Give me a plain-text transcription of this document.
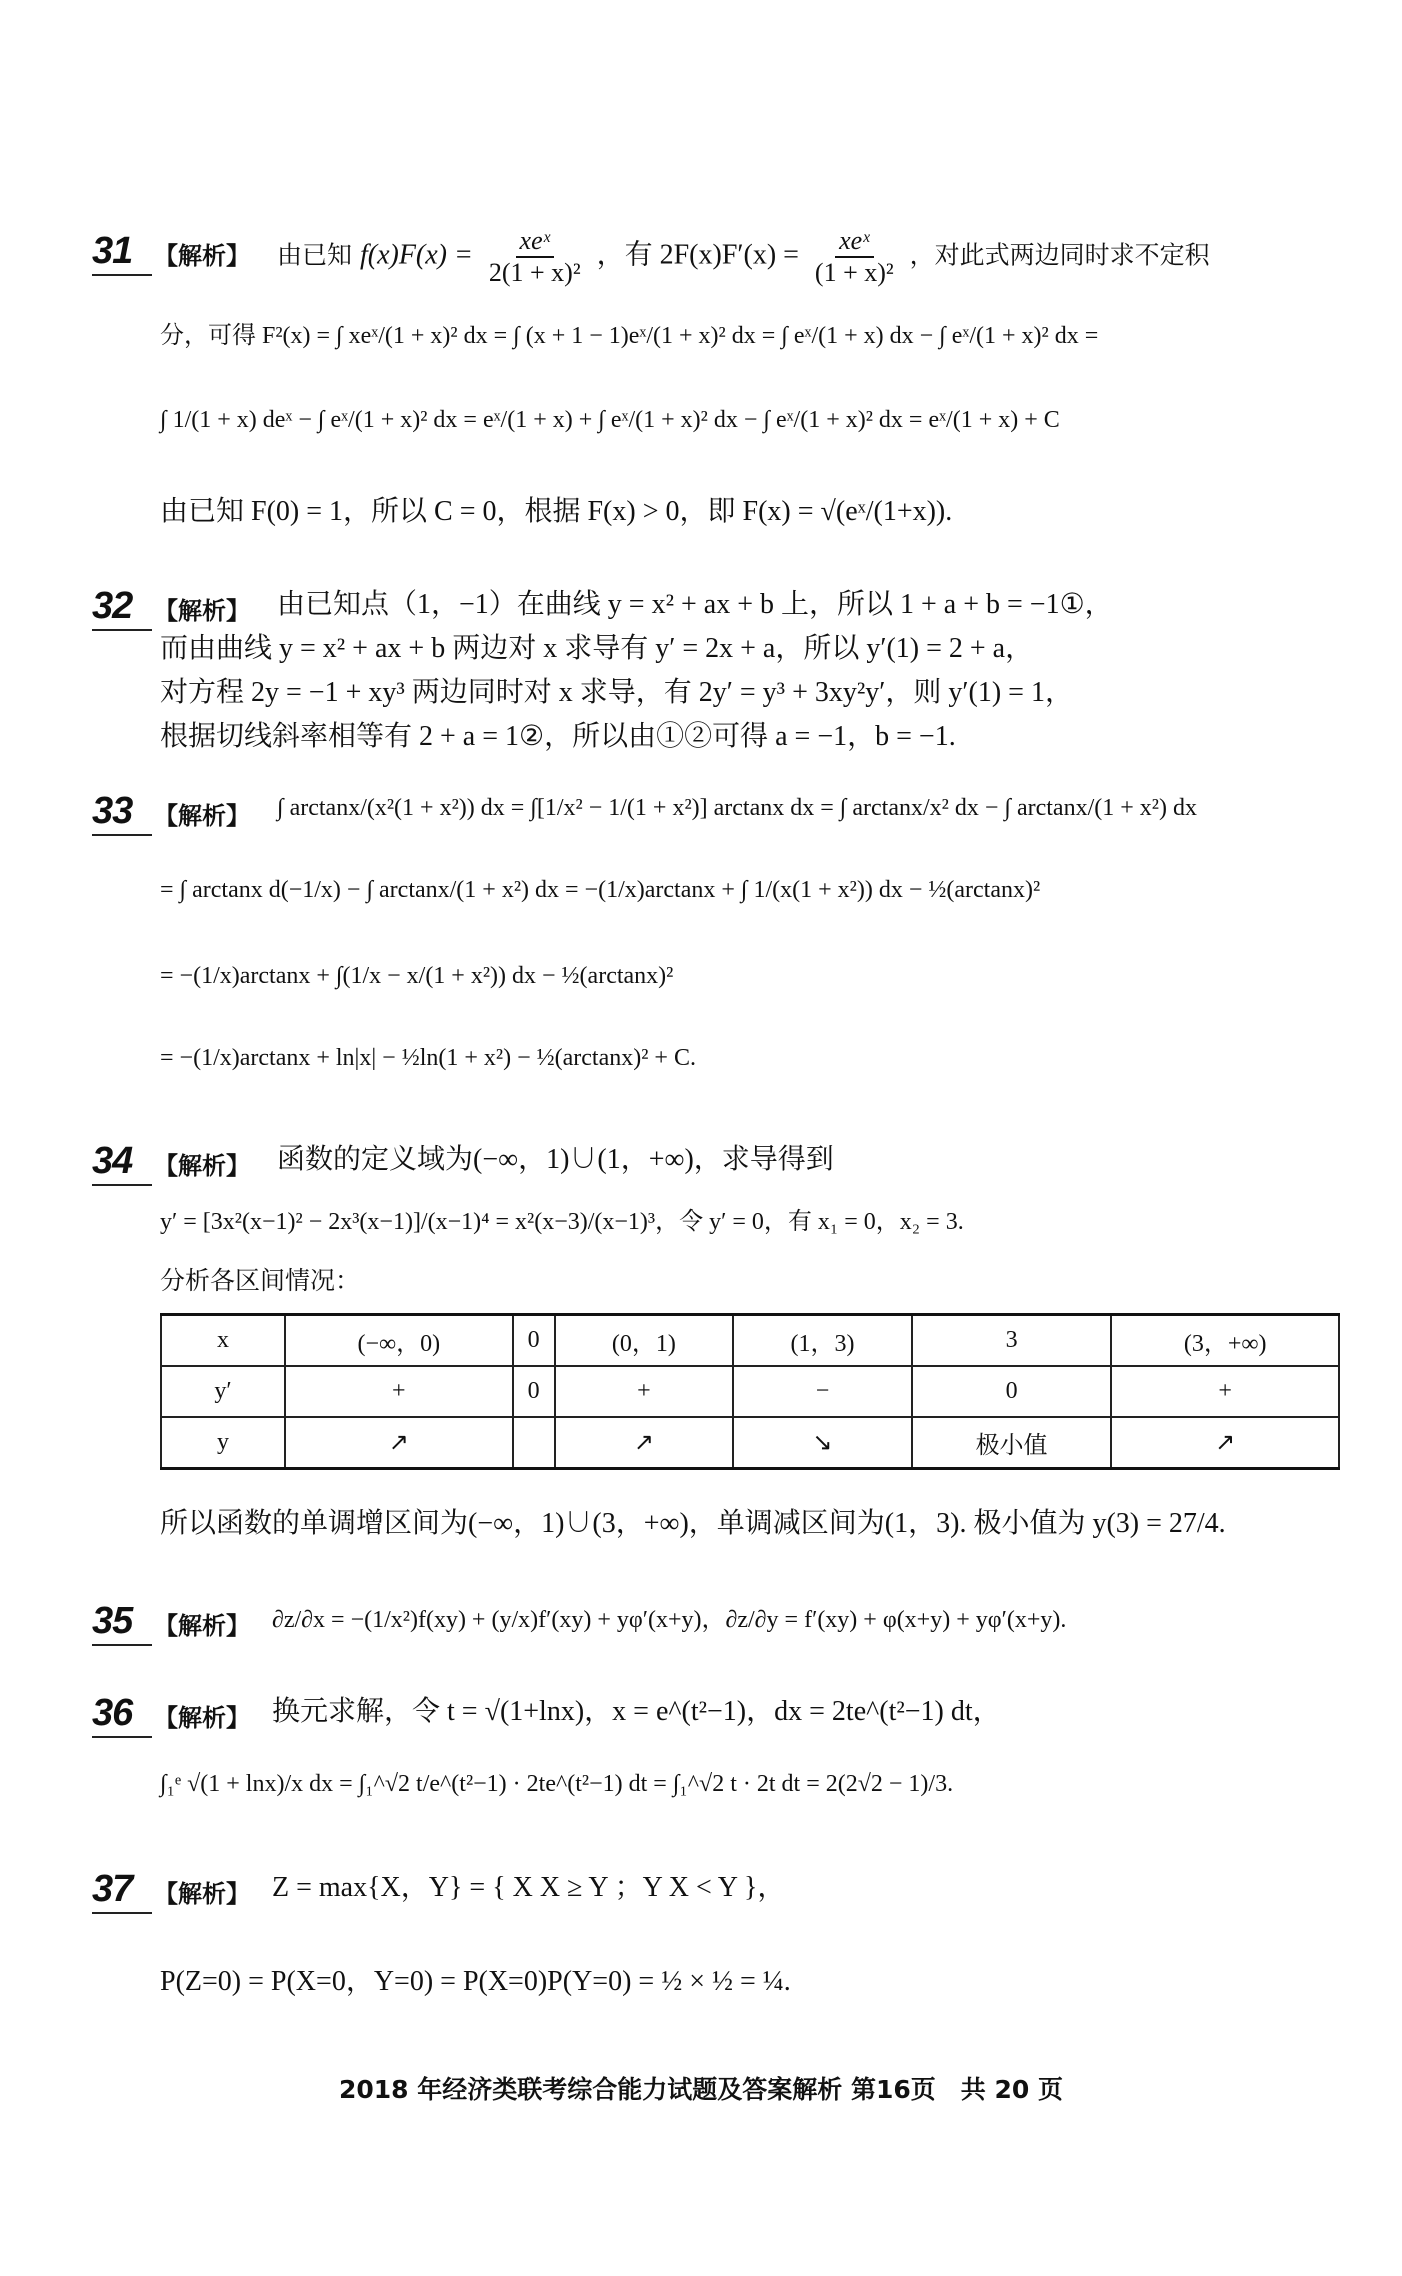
31 【解析】 由已知 $f(x)F(x) = \frac{\text{xeˣ}}{\text{2(1 + x)²}}$ ，有 $2F(x)F'(x) = \frac{\text{xeˣ}}{\text{(1 + x)²}}$ ，对此式两边同时求不定积
分，可得 F²(x) = ∫ xeˣ/(1 + x)² dx = ∫ (x + 1 − 1)eˣ/(1 + x)² dx = ∫ eˣ/(1 + x) dx − ∫ eˣ/(1 + x)² dx =
∫ 1/(1 + x) deˣ − ∫ eˣ/(1 + x)² dx = eˣ/(1 + x) + ∫ eˣ/(1 + x)² dx − ∫ eˣ/(1 + x)² dx = eˣ/(1 + x) + C
由已知 F(0) = 1，所以 C = 0，根据 F(x) > 0，即 F(x) = √(eˣ/(1+x)).
32 【解析】 由已知点（1，−1）在曲线 y = x² + ax + b 上，所以 1 + a + b = −1①，
而由曲线 y = x² + ax + b 两边对 x 求导有 y′ = 2x + a，所以 y′(1) = 2 + a，
对方程 2y = −1 + xy³ 两边同时对 x 求导，有 2y′ = y³ + 3xy²y′，则 y′(1) = 1，
根据切线斜率相等有 2 + a = 1②，所以由①②可得 a = −1，b = −1.
33 【解析】 ∫ arctanx/(x²(1 + x²)) dx = ∫[1/x² − 1/(1 + x²)] arctanx dx = ∫ arctanx/x² dx − ∫ arctanx/(1 + x²) dx
= ∫ arctanx d(−1/x) − ∫ arctanx/(1 + x²) dx = −(1/x)arctanx + ∫ 1/(x(1 + x²)) dx − ½(arctanx)²
= −(1/x)arctanx + ∫(1/x − x/(1 + x²)) dx − ½(arctanx)²
= −(1/x)arctanx + ln|x| − ½ln(1 + x²) − ½(arctanx)² + C.
34 【解析】 函数的定义域为(−∞，1)∪(1，+∞)，求导得到
y′ = [3x²(x−1)² − 2x³(x−1)]/(x−1)⁴ = x²(x−3)/(x−1)³，令 y′ = 0，有 x₁ = 0，x₂ = 3.
分析各区间情况：
x	(−∞，0)	0	(0，1)	(1，3)	3	(3，+∞)
y′	+	0	+	−	0	+
y	↗		↗	↘	极小值	↗
所以函数的单调增区间为(−∞，1)∪(3，+∞)，单调减区间为(1，3). 极小值为 y(3) = 27/4.
35 【解析】 ∂z/∂x = −(1/x²)f(xy) + (y/x)f′(xy) + yφ′(x+y)，∂z/∂y = f′(xy) + φ(x+y) + yφ′(x+y).
36 【解析】 换元求解，令 t = √(1+lnx)，x = e^(t²−1)，dx = 2te^(t²−1) dt，
∫₁ᵉ √(1 + lnx)/x dx = ∫₁^√2 t/e^(t²−1) · 2te^(t²−1) dt = ∫₁^√2 t · 2t dt = 2(2√2 − 1)/3.
37 【解析】 Z = max{X，Y} = { X X ≥ Y ；Y X < Y }，
P(Z=0) = P(X=0，Y=0) = P(X=0)P(Y=0) = ½ × ½ = ¼.
2018 年经济类联考综合能力试题及答案解析 第16页　共 20 页
